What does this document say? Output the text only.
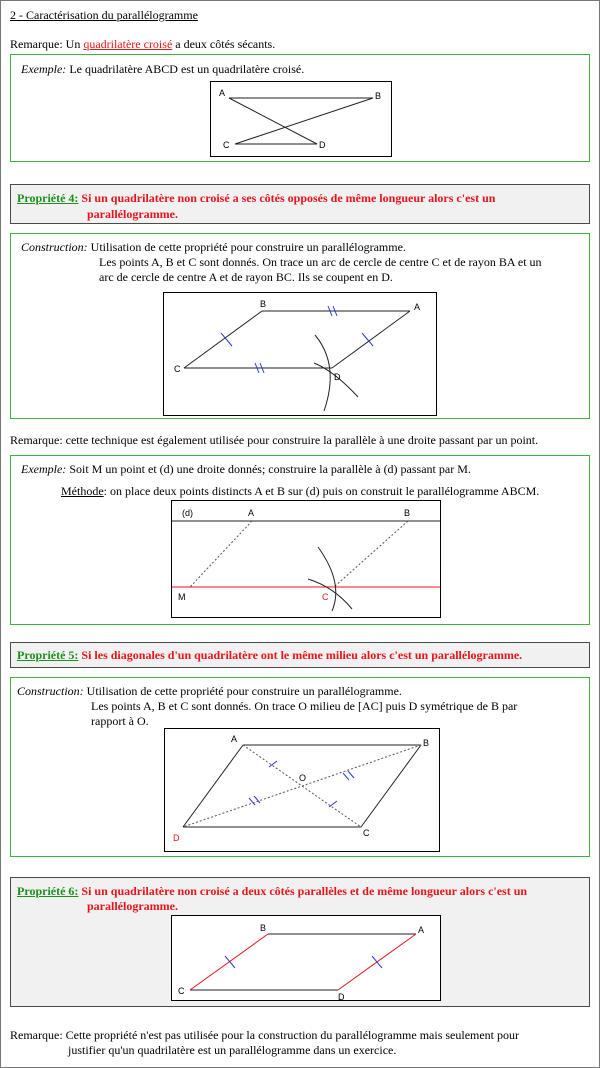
2 - Caractérisation du parallélogramme
Remarque: Un quadrilatère croisé a deux côtés sécants.
Exemple: Le quadrilatère ABCD est un quadrilatère croisé.
A	B
C	D
Propriété 4: Si un quadrilatère non croisé a ses côtés opposés de même longueur alors c'est un
parallélogramme.
Construction: Utilisation de cette propriété pour construire un parallélogramme.
Les points A, B et C sont donnés. On trace un arc de cercle de centre C et de rayon BA et un
arc de cercle de centre A et de rayon BC. Ils se coupent en D.
B	A
C
D
Remarque: cette technique est également utilisée pour construire la parallèle à une droite passant par un point.
Exemple: Soit M un point et (d) une droite donnés; construire la parallèle à (d) passant par M.
Méthode: on place deux points distincts A et B sur (d) puis on construit le parallélogramme ABCM.
(d)	A	B
M	C
Propriété 5: Si les diagonales d'un quadrilatère ont le même milieu alors c'est un parallélogramme.
Construction: Utilisation de cette propriété pour construire un parallélogramme.
Les points A, B et C sont donnés. On trace O milieu de [AC] puis D symétrique de B par
rapport à O.
A	B
C
D
O
Propriété 6: Si un quadrilatère non croisé a deux côtés parallèles et de même longueur alors c'est un
parallélogramme.
B	A
C
D
Remarque: Cette propriété n'est pas utilisée pour la construction du parallélogramme mais seulement pour
justifier qu'un quadrilatère est un parallélogramme dans un exercice.
